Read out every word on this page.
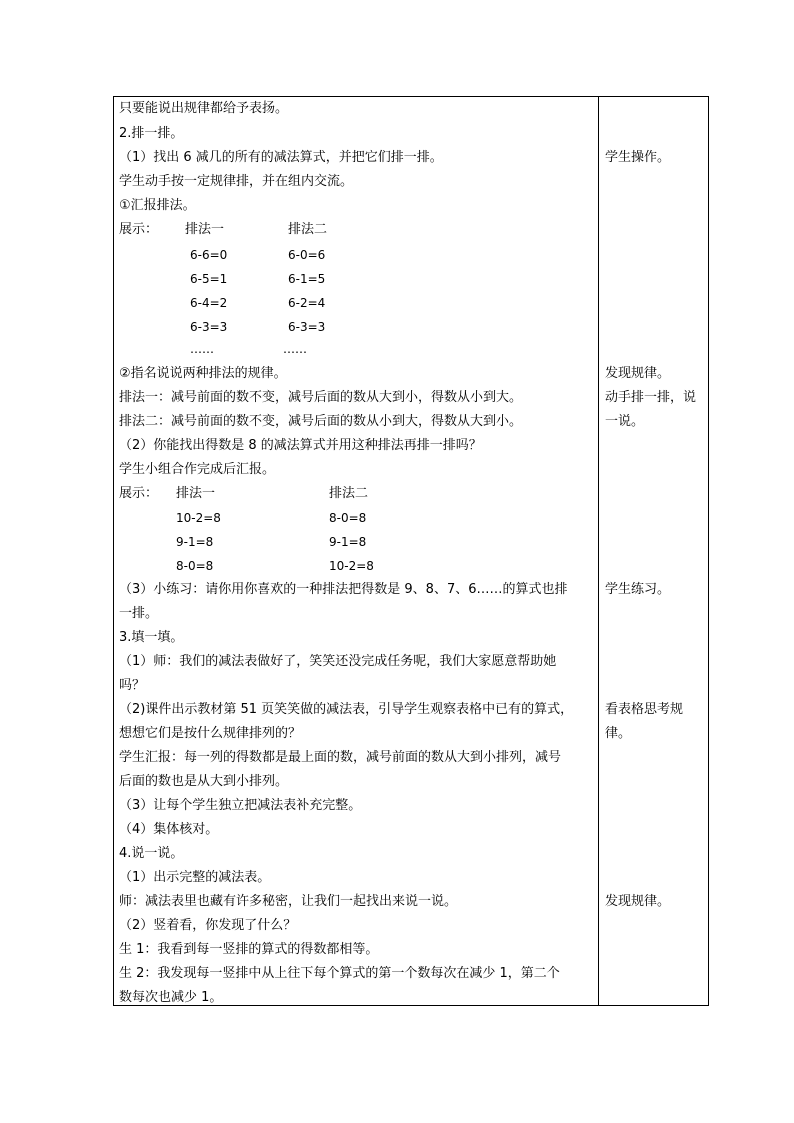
只要能说出规律都给予表扬。
2.排一排。
（1）找出 6 减几的所有的减法算式，并把它们排一排。
学生动手按一定规律排，并在组内交流。
①汇报排法。
展示： 排法一	排法二
6-6=0
6-5=1
6-4=2
6-3=3
……
6-0=6
6-1=5
6-2=4
6-3=3
……
②指名说说两种排法的规律。
排法一：减号前面的数不变，减号后面的数从大到小，得数从小到大。
排法二：减号前面的数不变，减号后面的数从小到大，得数从大到小。
（2）你能找出得数是 8 的减法算式并用这种排法再排一排吗？
学生小组合作完成后汇报。
展示： 排法一	排法二
10-2=8
9-1=8
8-0=8
8-0=8
9-1=8
10-2=8
（3）小练习：请你用你喜欢的一种排法把得数是 9、8、7、6……的算式也排
一排。
3.填一填。
（1）师：我们的减法表做好了，笑笑还没完成任务呢，我们大家愿意帮助她
吗？
（2)课件出示教材第 51 页笑笑做的减法表，引导学生观察表格中已有的算式，
想想它们是按什么规律排列的？
学生汇报：每一列的得数都是最上面的数，减号前面的数从大到小排列，减号
后面的数也是从大到小排列。
（3）让每个学生独立把减法表补充完整。
（4）集体核对。
4.说一说。
（1）出示完整的减法表。
师：减法表里也藏有许多秘密，让我们一起找出来说一说。
（2）竖着看，你发现了什么？
生 1：我看到每一竖排的算式的得数都相等。
生 2：我发现每一竖排中从上往下每个算式的第一个数每次在减少 1，第二个
数每次也减少 1。
学生操作。
发现规律。
动手排一排，说
一说。
学生练习。
看表格思考规
律。
发现规律。
